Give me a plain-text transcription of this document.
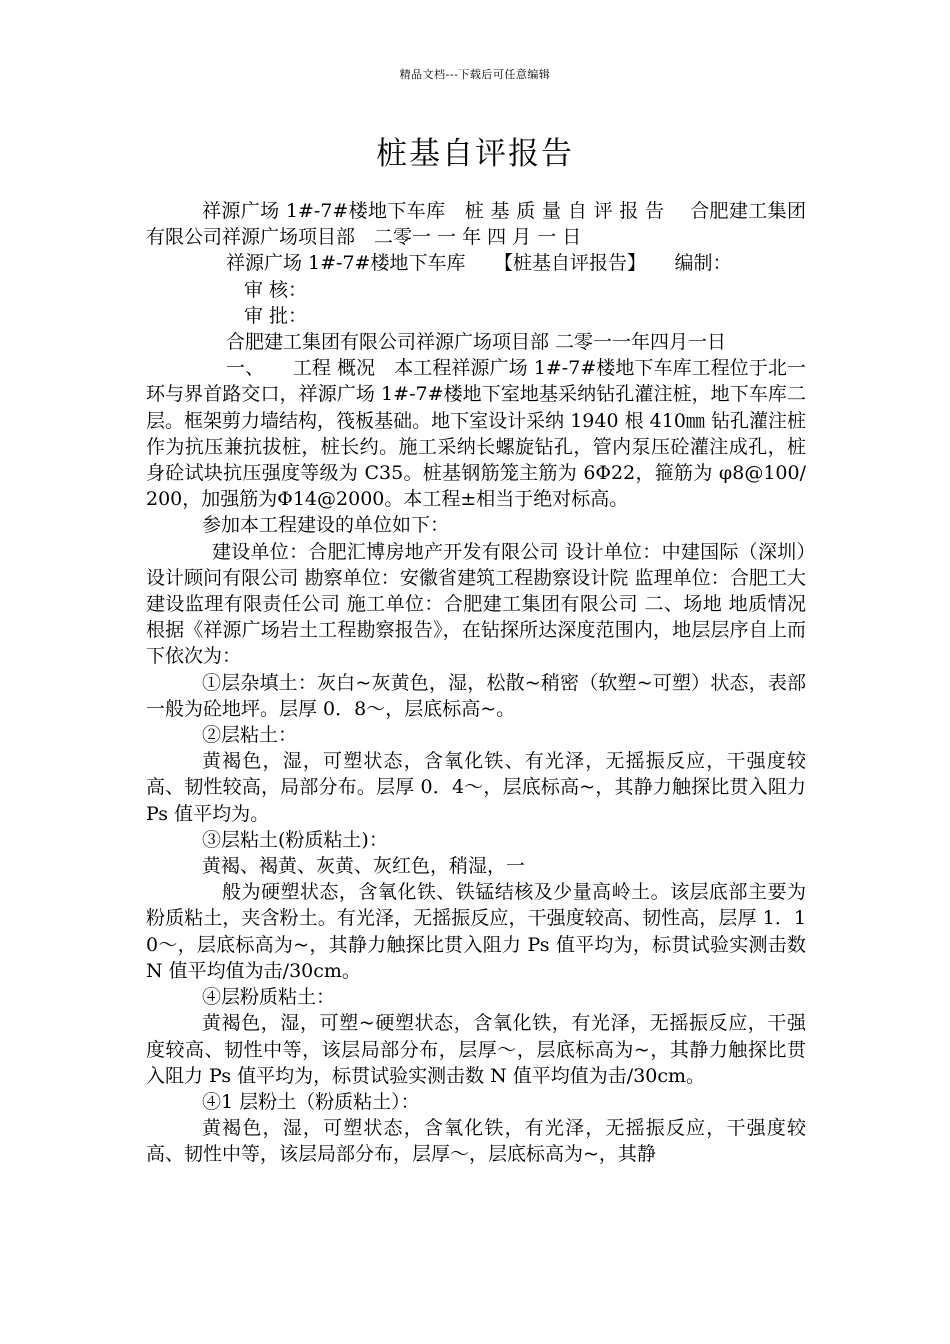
精品文档---下载后可任意编辑
桩基自评报告

祥源广场 1#-7#楼地下车库　桩 基 质 量 自 评 报 告　 合肥建工集团有限公司祥源广场项目部　二零一 一 年 四 月 一 日

祥源广场 1#-7#楼地下车库　　【桩基自评报告】　　编制：

审 核：

审 批：

合肥建工集团有限公司祥源广场项目部 二零一一年四月一日

一、　　工程 概况　本工程祥源广场 1#-7#楼地下车库工程位于北一环与界首路交口，祥源广场 1#-7#楼地下室地基采纳钻孔灌注桩，地下车库二层。框架剪力墙结构，筏板基础。地下室设计采纳 1940 根 410㎜ 钻孔灌注桩作为抗压兼抗拔桩，桩长约。施工采纳长螺旋钻孔，管内泵压砼灌注成孔，桩身砼试块抗压强度等级为 C35。桩基钢筋笼主筋为 6Φ22，箍筋为 φ8@100/200，加强筋为Φ14@2000。本工程±相当于绝对标高。

参加本工程建设的单位如下：

建设单位：合肥汇博房地产开发有限公司 设计单位：中建国际（深圳）设计顾问有限公司 勘察单位：安徽省建筑工程勘察设计院 监理单位：合肥工大建设监理有限责任公司 施工单位：合肥建工集团有限公司 二、场地 地质情况　根据《祥源广场岩土工程勘察报告》，在钻探所达深度范围内，地层层序自上而下依次为：

①层杂填土：灰白~灰黄色，湿，松散~稍密（软塑~可塑）状态，表部一般为砼地坪。层厚 0．8～，层底标高~。

②层粘土：

黄褐色，湿，可塑状态，含氧化铁、有光泽，无摇振反应，干强度较高、韧性较高，局部分布。层厚 0．4～，层底标高~，其静力触探比贯入阻力 Ps 值平均为。

③层粘土(粉质粘土)：

黄褐、褐黄、灰黄、灰红色，稍湿，一

般为硬塑状态，含氧化铁、铁锰结核及少量高岭土。该层底部主要为粉质粘土，夹含粉土。有光泽，无摇振反应，干强度较高、韧性高，层厚 1．10～，层底标高为~，其静力触探比贯入阻力 Ps 值平均为，标贯试验实测击数 N 值平均值为击/30cm。

④层粉质粘土：

黄褐色，湿，可塑~硬塑状态，含氧化铁，有光泽，无摇振反应，干强度较高、韧性中等，该层局部分布，层厚～，层底标高为~，其静力触探比贯入阻力 Ps 值平均为，标贯试验实测击数 N 值平均值为击/30cm。

④1 层粉土（粉质粘土）：

黄褐色，湿，可塑状态，含氧化铁，有光泽，无摇振反应，干强度较高、韧性中等，该层局部分布，层厚～，层底标高为~，其静
